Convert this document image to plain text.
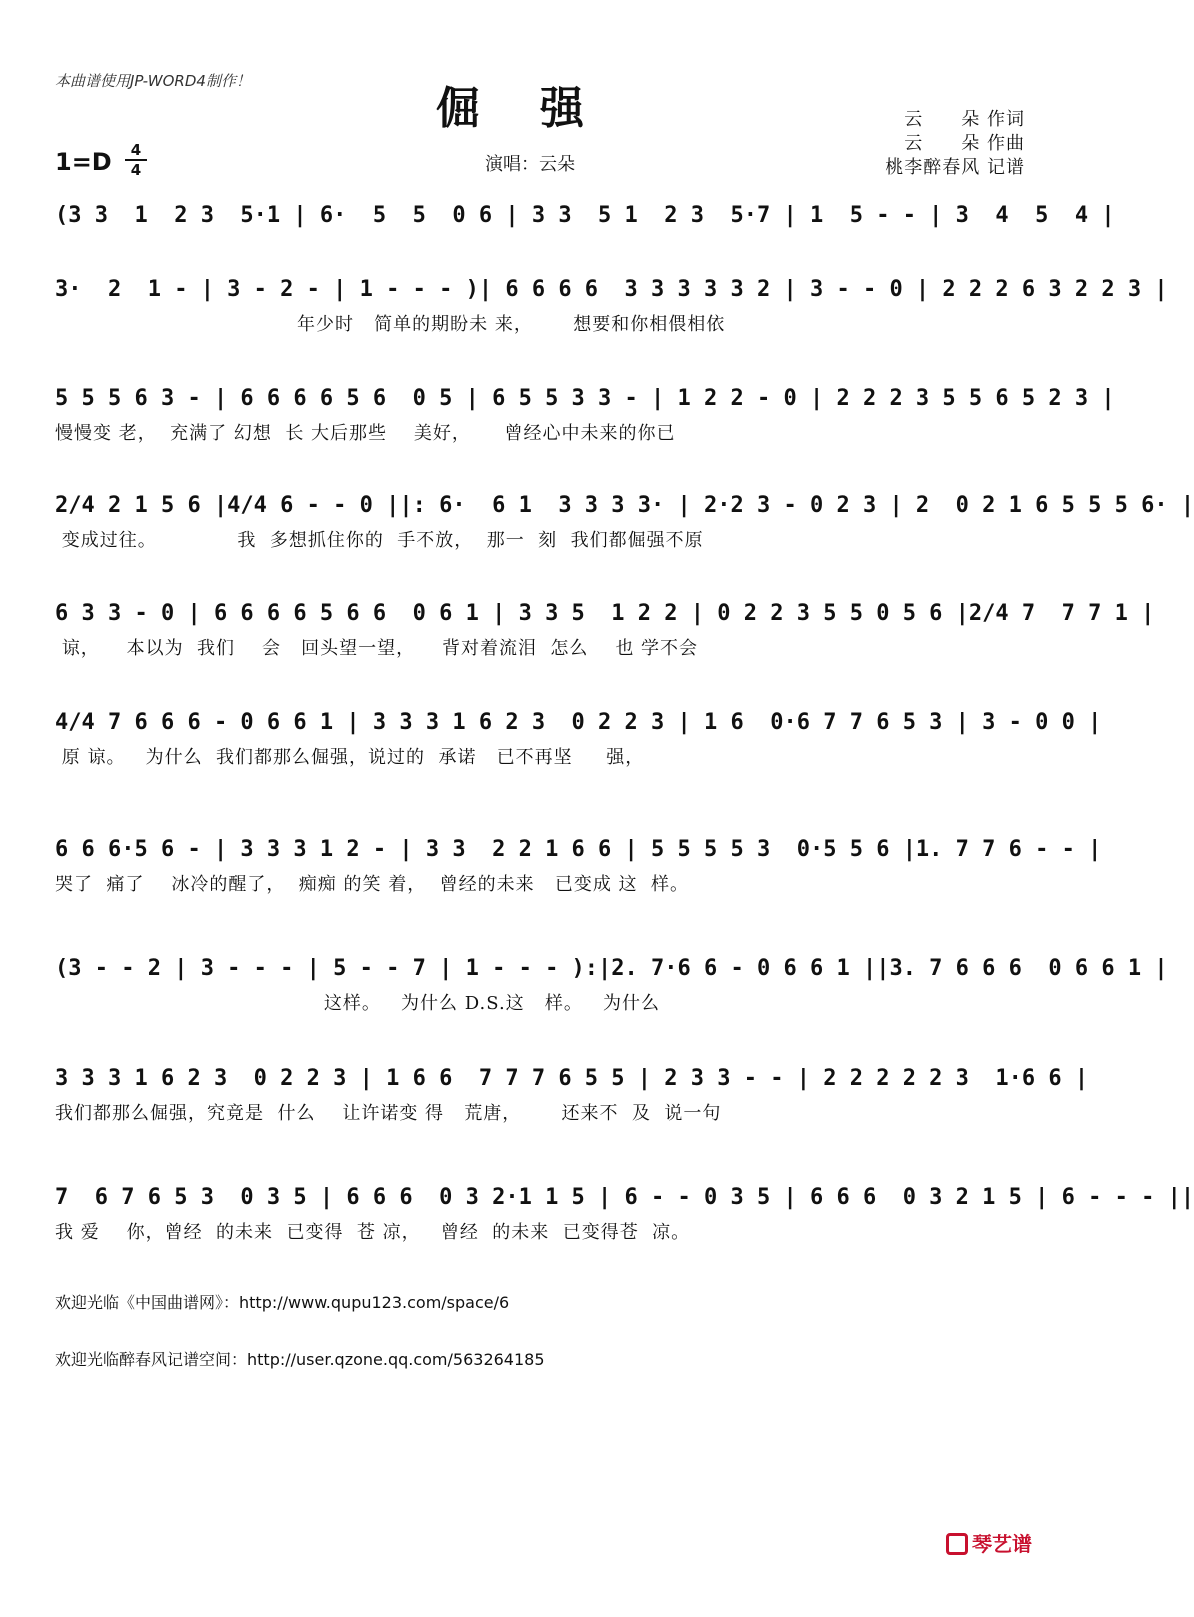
本曲谱使用JP-WORD4制作！
倔强
1=D	4
4	演唱：云朵
云　　朵 作词
云　　朵 作曲
桃李醉春风 记谱
(3 3  1  2 3  5·1 | 6·  5  5  0 6 | 3 3  5 1  2 3  5·7 | 1  5 - - | 3  4  5  4 |
3·  2  1 - | 3 - 2 - | 1 - - - )| 6 6 6 6  3 3 3 3 3 2 | 3 - - 0 | 2 2 2 6 3 2 2 3 |
年少时   简单的期盼未 来，      想要和你相偎相依
5 5 5 6 3 - | 6 6 6 6 5 6  0 5 | 6 5 5 3 3 - | 1 2 2 - 0 | 2 2 2 3 5 5 6 5 2 3 |
慢慢变 老，  充满了 幻想  长 大后那些    美好，     曾经心中未来的你已
2/4 2 1 5 6 |4/4 6 - - 0 ||: 6·  6 1  3 3 3 3· | 2·2 3 - 0 2 3 | 2  0 2 1 6 5 5 5 6· |
变成过往。            我  多想抓住你的  手不放，  那一  刻  我们都倔强不原
6 3 3 - 0 | 6 6 6 6 5 6 6  0 6 1 | 3 3 5  1 2 2 | 0 2 2 3 5 5 0 5 6 |2/4 7  7 7 1 |
谅，    本以为  我们    会   回头望一望，    背对着流泪  怎么    也 学不会
4/4 7 6 6 6 - 0 6 6 1 | 3 3 3 1 6 2 3  0 2 2 3 | 1 6  0·6 7 7 6 5 3 | 3 - 0 0 |
原 谅。   为什么  我们都那么倔强，说过的  承诺   已不再坚     强，
6 6 6·5 6 - | 3 3 3 1 2 - | 3 3  2 2 1 6 6 | 5 5 5 5 3  0·5 5 6 |1. 7 7 6 - - |
哭了  痛了    冰冷的醒了，  痴痴 的笑 着，  曾经的未来   已变成 这  样。
(3 - - 2 | 3 - - - | 5 - - 7 | 1 - - - ):|2. 7·6 6 - 0 6 6 1 ||3. 7 6 6 6  0 6 6 1 |
这样。   为什么 D.S.这   样。   为什么
3 3 3 1 6 2 3  0 2 2 3 | 1 6 6  7 7 7 6 5 5 | 2 3 3 - - | 2 2 2 2 2 3  1·6 6 |
我们都那么倔强，究竟是  什么    让许诺变 得   荒唐，      还来不  及  说一句
7  6 7 6 5 3  0 3 5 | 6 6 6  0 3 2·1 1 5 | 6 - - 0 3 5 | 6 6 6  0 3 2 1 5 | 6 - - - ||
我 爱    你，曾经  的未来  已变得  苍 凉，   曾经  的未来  已变得苍  凉。
欢迎光临《中国曲谱网》：http://www.qupu123.com/space/6
欢迎光临醉春风记谱空间：http://user.qzone.qq.com/563264185
琴艺谱
